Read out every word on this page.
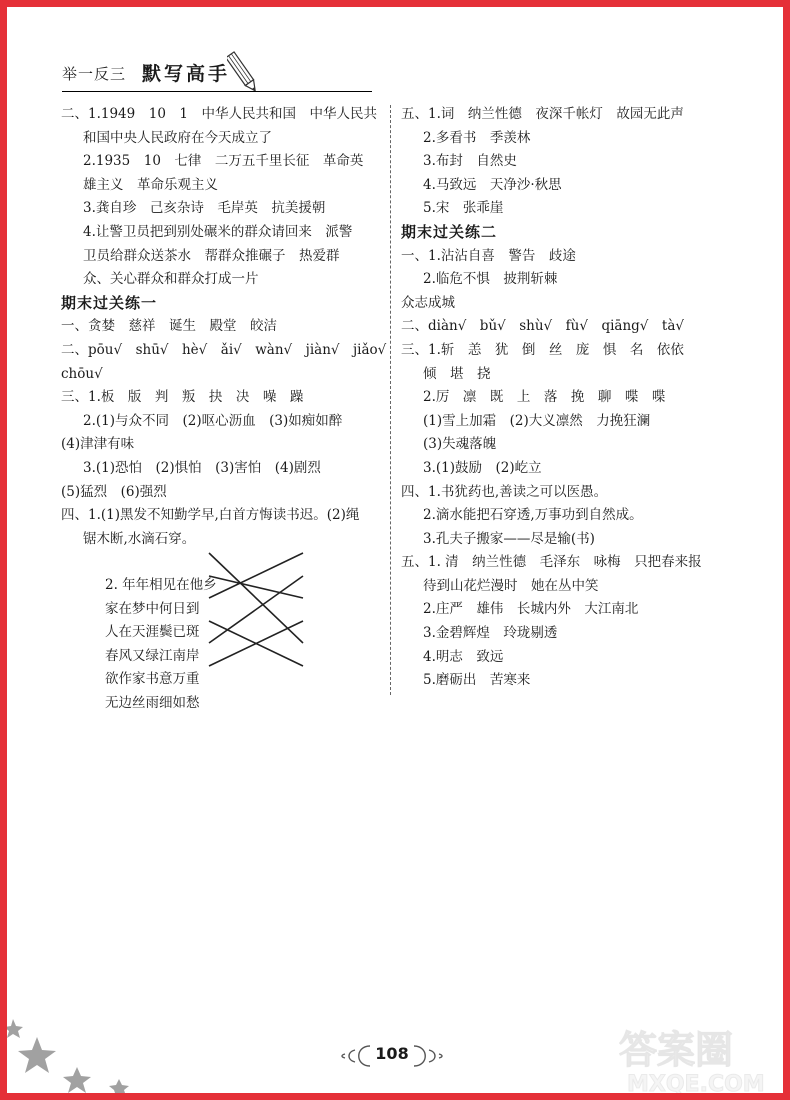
举一反三 默写高手
二、1.1949　10　1　中华人民共和国　中华人民共
和国中央人民政府在今天成立了
2.1935　10　七律　二万五千里长征　革命英
雄主义　革命乐观主义
3.龚自珍　己亥杂诗　毛岸英　抗美援朝
4.让警卫员把到别处碾米的群众请回来　派警
卫员给群众送茶水　帮群众推碾子　热爱群
众、关心群众和群众打成一片
期末过关练一
一、贪婪　慈祥　诞生　殿堂　皎洁
二、pōu√　shū√　hè√　ǎi√　wàn√　jiàn√　jiǎo√
chōu√
三、1.板　版　判　叛　抉　决　噪　躁
2.(1)与众不同　(2)呕心沥血　(3)如痴如醉
(4)津津有味
3.(1)恐怕　(2)惧怕　(3)害怕　(4)剧烈
(5)猛烈　(6)强烈
四、1.(1)黑发不知勤学早,白首方悔读书迟。(2)绳
锯木断,水滴石穿。
2. 年年相见在他乡
家在梦中何日到
人在天涯鬓已斑
春风又绿江南岸
欲作家书意万重
无边丝雨细如愁
五、1.词　纳兰性德　夜深千帐灯　故园无此声
2.多看书　季羡林
3.布封　自然史
4.马致远　天净沙·秋思
5.宋　张乖崖
期末过关练二
一、1.沾沾自喜　警告　歧途
2.临危不惧　披荆斩棘
众志成城
二、diàn√　bǔ√　shù√　fù√　qiāng√　tà√
三、1.斩　恙　犹　倒　丝　庞　惧　名　依依
倾　堪　挠
2.厉　凛　既　上　落　挽　聊　喋　喋
(1)雪上加霜　(2)大义凛然　力挽狂澜
(3)失魂落魄
3.(1)鼓励　(2)屹立
四、1.书犹药也,善读之可以医愚。
2.滴水能把石穿透,万事功到自然成。
3.孔夫子搬家——尽是输(书)
五、1. 清　纳兰性德　毛泽东　咏梅　只把春来报
待到山花烂漫时　她在丛中笑
2.庄严　雄伟　长城内外　大江南北
3.金碧辉煌　玲珑剔透
4.明志　致远
5.磨砺出　苦寒来
108	答案圈
MXQE.COM
